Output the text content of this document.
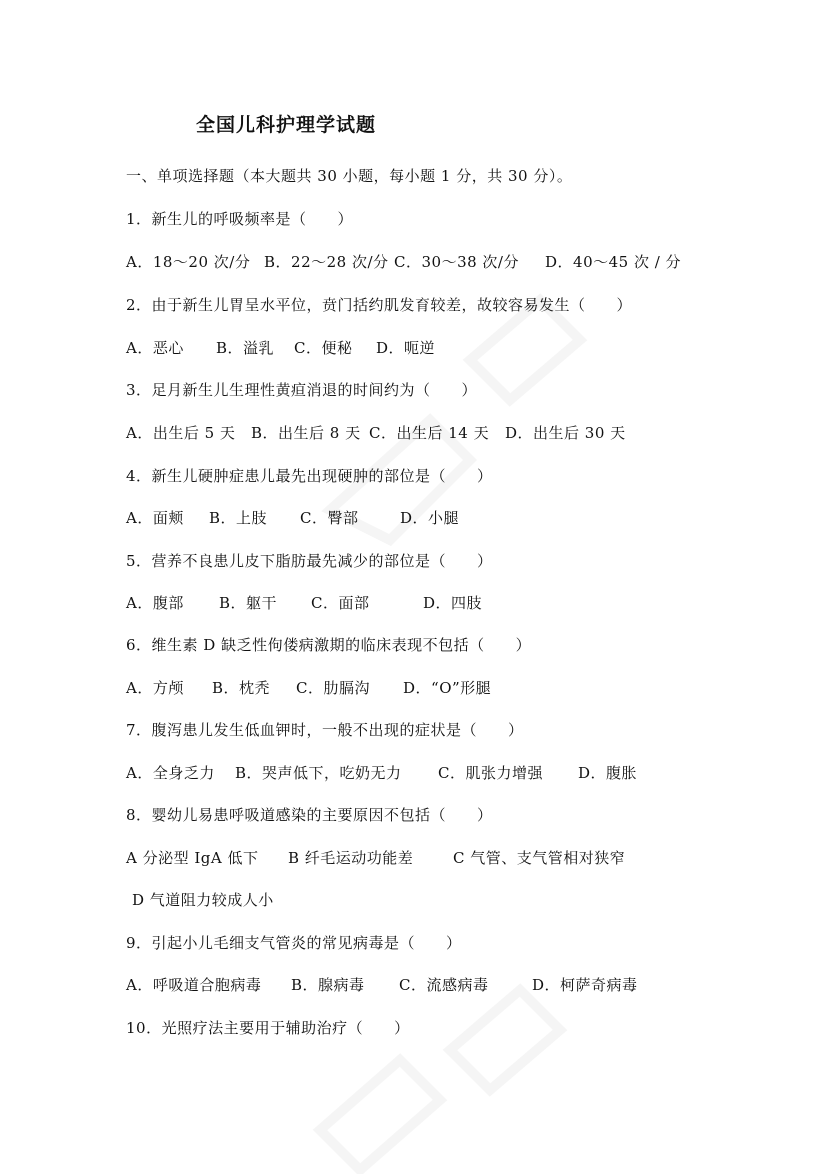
全国儿科护理学试题
一、单项选择题（本大题共 30 小题，每小题 1 分，共 30 分）。
1．新生儿的呼吸频率是（　　）
A．18～20 次/分 B．22～28 次/分 C．30～38 次/分 D．40～45 次 / 分
2．由于新生儿胃呈水平位，贲门括约肌发育较差，故较容易发生（　　）
A．恶心 B．溢乳 C．便秘 D．呃逆
3．足月新生儿生理性黄疸消退的时间约为（　　）
A．出生后 5 天 B．出生后 8 天 C．出生后 14 天 D．出生后 30 天
4．新生儿硬肿症患儿最先出现硬肿的部位是（　　）
A．面颊 B．上肢 C．臀部	D．小腿
5．营养不良患儿皮下脂肪最先减少的部位是（　　）
A．腹部 B．躯干 C．面部	D．四肢
6．维生素 D 缺乏性佝偻病激期的临床表现不包括（　　）
A．方颅 B．枕秃 C．肋膈沟 D．“O”形腿
7．腹泻患儿发生低血钾时，一般不出现的症状是（　　）
A．全身乏力 B．哭声低下，吃奶无力 C．肌张力增强 D．腹胀
8．婴幼儿易患呼吸道感染的主要原因不包括（　　）
A 分泌型 IgA 低下 B 纤毛运动功能差	C 气管、支气管相对狭窄
D 气道阻力较成人小
9．引起小儿毛细支气管炎的常见病毒是（　　）
A．呼吸道合胞病毒 B．腺病毒 C．流感病毒	D．柯萨奇病毒
10．光照疗法主要用于辅助治疗（　　）
